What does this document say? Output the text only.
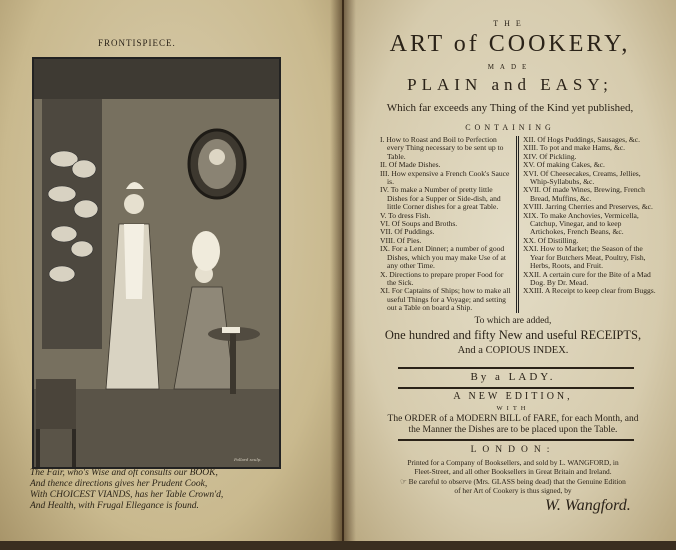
FRONTISPIECE.
Pollard sculp.
The Fair, who's Wise and oft consults our BOOK,
And thence directions gives her Prudent Cook,
With CHOICEST VIANDS, has her Table Crown'd,
And Health, with Frugal Ellegance is found.
THE
ART of COOKERY,
MADE
PLAIN and EASY;
Which far exceeds any Thing of the Kind yet published,
CONTAINING
I. How to Roast and Boil to Perfection every Thing necessary to be sent up to Table.
II. Of Made Dishes.
III. How expensive a French Cook's Sauce is.
IV. To make a Number of pretty little Dishes for a Supper or Side-dish, and little Corner dishes for a great Table.
V. To dress Fish.
VI. Of Soups and Broths.
VII. Of Puddings.
VIII. Of Pies.
IX. For a Lent Dinner; a number of good Dishes, which you may make Use of at any other Time.
X. Directions to prepare proper Food for the Sick.
XI. For Captains of Ships; how to make all useful Things for a Voyage; and setting out a Table on board a Ship.
XII. Of Hogs Puddings, Sausages, &c.
XIII. To pot and make Hams, &c.
XIV. Of Pickling.
XV. Of making Cakes, &c.
XVI. Of Cheesecakes, Creams, Jellies, Whip-Syllabubs, &c.
XVII. Of made Wines, Brewing, French Bread, Muffins, &c.
XVIII. Jarring Cherries and Preserves, &c.
XIX. To make Anchovies, Vermicella, Catchup, Vinegar, and to keep Artichokes, French Beans, &c.
XX. Of Distilling.
XXI. How to Market; the Season of the Year for Butchers Meat, Poultry, Fish, Herbs, Roots, and Fruit.
XXII. A certain cure for the Bite of a Mad Dog. By Dr. Mead.
XXIII. A Receipt to keep clear from Buggs.
To which are added,
One hundred and fifty New and useful RECEIPTS,
And a COPIOUS INDEX.
By a LADY.
A NEW EDITION,
WITH
The ORDER of a MODERN BILL of FARE, for each Month, and
the Manner the Dishes are to be placed upon the Table.
LONDON:
Printed for a Company of Booksellers, and sold by L. WANGFORD, in
Fleet-Street, and all other Booksellers in Great Britain and Ireland.
☞ Be careful to observe (Mrs. GLASS being dead) that the Genuine Edition
of her Art of Cookery is thus signed, by
W. Wangford.
